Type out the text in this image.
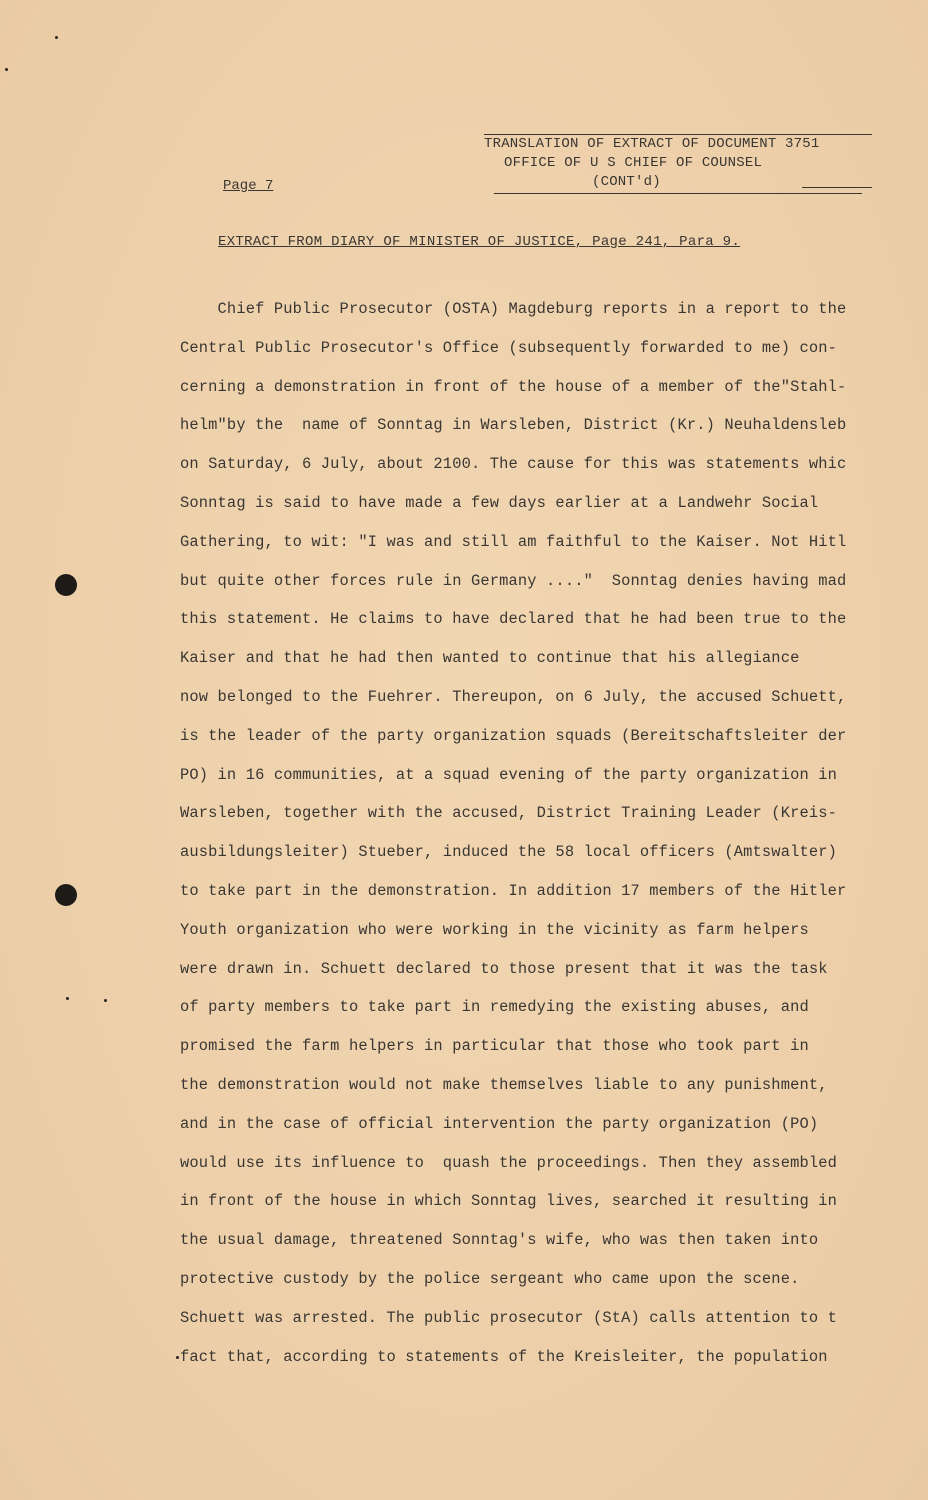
TRANSLATION OF EXTRACT OF DOCUMENT 3751
OFFICE OF U S CHIEF OF COUNSEL
(CONT'd)
Page 7
EXTRACT FROM DIARY OF MINISTER OF JUSTICE, Page 241, Para 9.
Chief Public Prosecutor (OSTA) Magdeburg reports in a report to the
Central Public Prosecutor's Office (subsequently forwarded to me) con-
cerning a demonstration in front of the house of a member of the"Stahl-
helm"by the  name of Sonntag in Warsleben, District (Kr.) Neuhaldensleb
on Saturday, 6 July, about 2100. The cause for this was statements whic
Sonntag is said to have made a few days earlier at a Landwehr Social
Gathering, to wit: "I was and still am faithful to the Kaiser. Not Hitl
but quite other forces rule in Germany ...."  Sonntag denies having mad
this statement. He claims to have declared that he had been true to the
Kaiser and that he had then wanted to continue that his allegiance
now belonged to the Fuehrer. Thereupon, on 6 July, the accused Schuett,
is the leader of the party organization squads (Bereitschaftsleiter der
PO) in 16 communities, at a squad evening of the party organization in
Warsleben, together with the accused, District Training Leader (Kreis-
ausbildungsleiter) Stueber, induced the 58 local officers (Amtswalter)
to take part in the demonstration. In addition 17 members of the Hitler
Youth organization who were working in the vicinity as farm helpers
were drawn in. Schuett declared to those present that it was the task
of party members to take part in remedying the existing abuses, and
promised the farm helpers in particular that those who took part in
the demonstration would not make themselves liable to any punishment,
and in the case of official intervention the party organization (PO)
would use its influence to  quash the proceedings. Then they assembled
in front of the house in which Sonntag lives, searched it resulting in
the usual damage, threatened Sonntag's wife, who was then taken into
protective custody by the police sergeant who came upon the scene.
Schuett was arrested. The public prosecutor (StA) calls attention to t
fact that, according to statements of the Kreisleiter, the population
